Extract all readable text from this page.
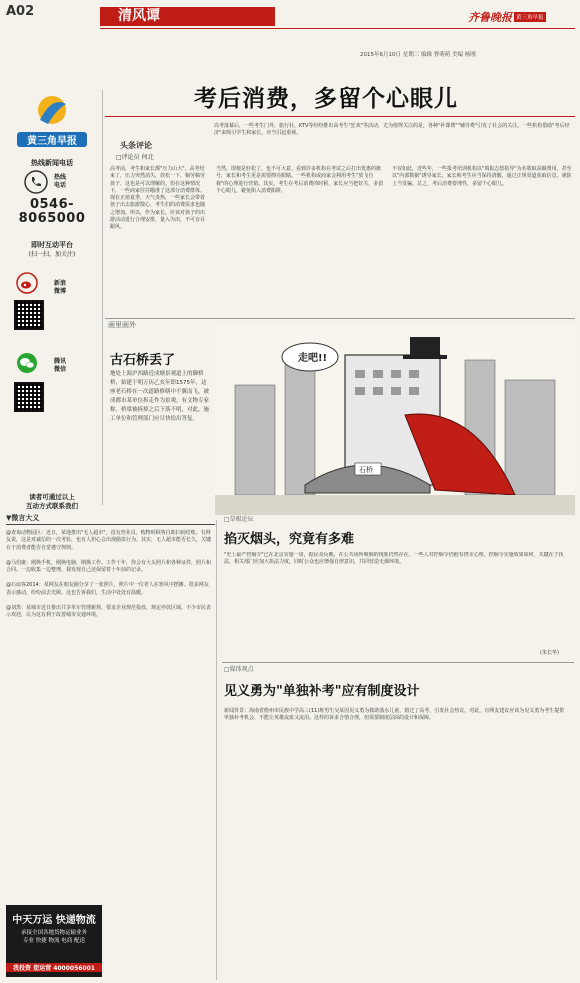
A02	清风谭	齐鲁晚报 黄三角早报
2015年6月10日 星期三 编辑 曹萌萌 美编 杨刚
黄三角早报
热线新闻电话
热线
电话
0546-
8065000
即时互动平台
(扫一扫，加关注)
新浪
微博
腾讯
微信
读者可通过以上
互动方式联系我们
考后消费，多留个心眼儿
头条评论
□评论员 何北
高考落幕后，一些考生门外，旅行社、KTV等纷纷推出高考生"狂欢"等活动，尤为值得关注的是，各种"补课费""辅导费"引发了社会的关注。一些机构借助"考后经济"来吸引学生和家长，应当引起重视。
高考前，考生和家长都"压力山大"。高考结束了，压力突然消失，放松一下、犒劳犒劳孩子，这也是可以理解的。但在这种情况下，一些商家往往瞄准了这部分消费群体。现在正值夏季，天气炎热，一些家长会带着孩子出去旅游散心，考生们的消费需求也随之增加。所以，作为家长，应该对孩子的出游活动进行合理安排，量入为出，不可盲目跟风。
当然，即便是轻松了，也不可大意。看到许多机构在考试之后打出优惠的旗号，家长和考生更是需要擦亮眼睛。一些机构或商家会利用考生"放飞自我"的心理进行营销。其实，考生在考后消费的时候，家长应当把好关，多留个心眼儿，避免陷入消费陷阱。
不仅如此，近些年，一些报考培训机构以"填报志愿指导"为名收取高额费用，甚至以"内部数据"诱导家长。家长和考生应当保持清醒，通过正规渠道获取信息，谨防上当受骗。总之，考后消费要理性，多留个心眼儿。
画里画外
古石桥丢了
地处上海沪西路近成塘景观道上的御桥桥，始建于明万历乙亥年即1575年，这座老石桥在一次道路修缮中不翼而飞，被成都市某单位拆走作为景观，有文物专家称，桥梁被拆掉之后下落不明，对此，施工单位和管理部门应尽快给出答复。
走吧!!
石桥
▼微言大义

@查询动物园区：近日，某地推出"无人超市"，没有营业员，购物时顾客自助扫码结账。有网友说，这是对诚信的一次考验，也有人担心会出现偷盗行为。其实，无人超市能否长久，关键在于消费者能否自觉遵守规则。

@马伯庸：刚换手机，刚换电脑，刚换工作。工作十年，你会有大头照片和各种证件，照片和合同。一边收集一边整理，我发现自己还保留着十年前的记录。

@石扇客2014：某网友在朋友圈分享了一张照片，照片中一位老人在寒风中摆摊。很多网友表示感动，纷纷前去光顾。这也告诉我们，生活中处处有温暖。

@刘黑：某城市近日推出共享单车管理新规，要求企业规范投放，规定停放区域。不少市民表示欢迎，认为这有利于改善城市交通环境。

□草根论坛
掐灭烟头，究竟有多难
"史上最严控烟令"已在北京实施一周，据民众反映，在公共场所吸烟的现象仍然存在，一些人对控烟令仍抱有侥幸心理。控烟令实施效果如何，关键在于执法。相关部门应加大执法力度，同时公众也应增强自律意识，共同营造无烟环境。
(朱长华)
□媒体观点
见义勇为"单独补考"应有制度设计
新闻背景：海南省儋州市民族中学高三(11)班男生吴某因见义勇为救助落水儿童，错过了高考，引发社会热议。对此，有网友建议应该为见义勇为考生提供单独补考机会，不能让英雄流血又流泪。这样的诉求合情合理，但需要制度层面的设计和保障。
中天万运 快递物流
承接全国各地货物运输业务
专业 快捷 物流 电商 配送
我投资 您运营 4000056001
